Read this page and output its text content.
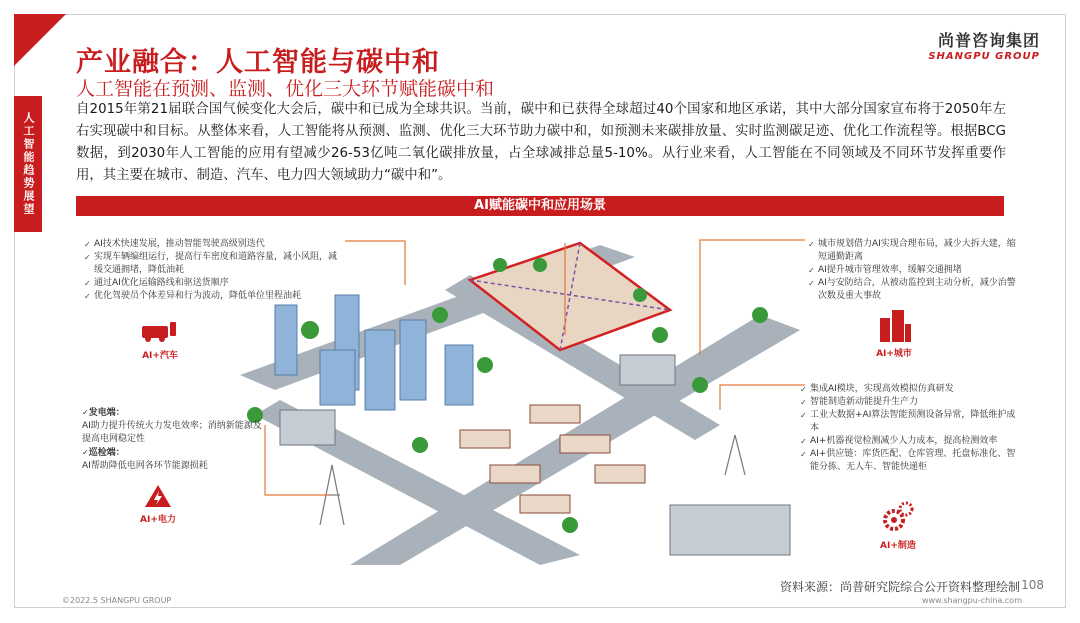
人工智能趋势展望
产业融合：人工智能与碳中和
人工智能在预测、监测、优化三大环节赋能碳中和
尚普咨询集团
SHANGPU GROUP
自2015年第21届联合国气候变化大会后，碳中和已成为全球共识。当前，碳中和已获得全球超过40个国家和地区承诺，其中大部分国家宣布将于2050年左右实现碳中和目标。从整体来看，人工智能将从预测、监测、优化三大环节助力碳中和，如预测未来碳排放量、实时监测碳足迹、优化工作流程等。根据BCG数据，到2030年人工智能的应用有望减少26-53亿吨二氧化碳排放量，占全球减排总量5-10%。从行业来看，人工智能在不同领域及不同环节发挥重要作用，其主要在城市、制造、汽车、电力四大领域助力“碳中和”。
AI赋能碳中和应用场景
✓ AI技术快速发展，推动智能驾驶高级别迭代
✓ 实现车辆编组运行，提高行车密度和道路容量，减小风阻，减缓交通拥堵，降低油耗
✓ 通过AI优化运输路线和驱送货顺序
✓ 优化驾驶员个体差异和行为波动，降低单位里程油耗
AI+汽车
✓ 城市规划借力AI实现合理布局，减少大拆大建，缩短通勤距离
✓ AI提升城市管理效率，缓解交通拥堵
✓ AI与安防结合，从被动监控到主动分析，减少治警次数及重大事故
AI+城市
✓ 集成AI模块，实现高效模拟仿真研发
✓ 智能制造新动能提升生产力
✓ 工业大数据+AI算法智能预测设备异常，降低维护成本
✓ AI+机器视觉检测减少人力成本，提高检测效率
✓ AI+供应链：库货匹配、仓库管理、托盘标准化、智能分拣、无人车、智能快递柜
AI+制造
✓ 发电端：
AI助力提升传统火力发电效率；消纳新能源及提高电网稳定性
✓ 巡检端：
AI帮助降低电网各环节能源损耗
AI+电力
资料来源：尚普研究院综合公开资料整理绘制 108
©2022.5 SHANGPU GROUP	www.shangpu-china.com
